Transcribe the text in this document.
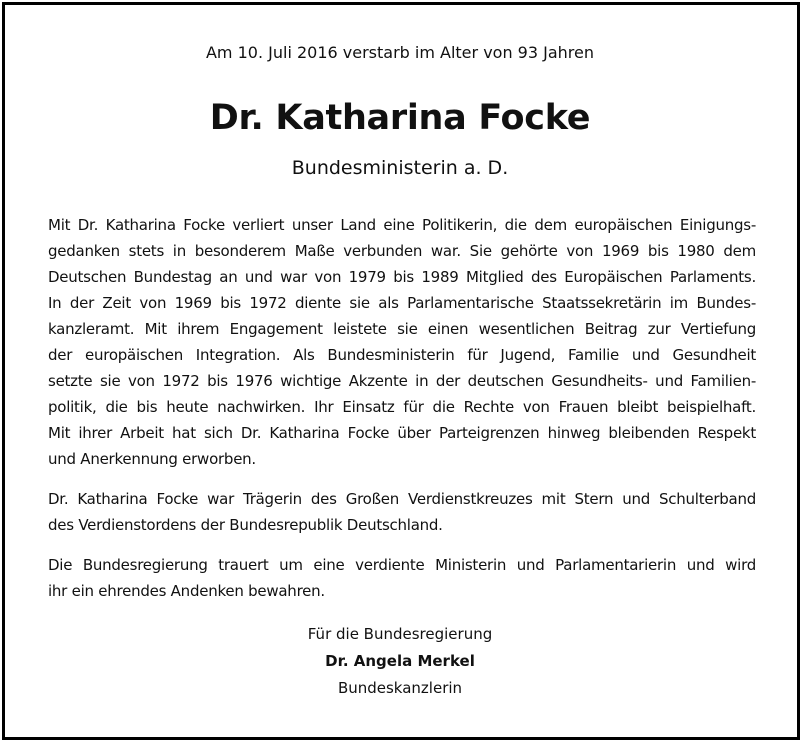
Am 10. Juli 2016 verstarb im Alter von 93 Jahren
Dr. Katharina Focke
Bundesministerin a. D.

Mit Dr. Katharina Focke verliert unser Land eine Politikerin, die dem europäischen Einigungs-
gedanken stets in besonderem Maße verbunden war. Sie gehörte von 1969 bis 1980 dem
Deutschen Bundestag an und war von 1979 bis 1989 Mitglied des Europäischen Parlaments.
In der Zeit von 1969 bis 1972 diente sie als Parlamentarische Staatssekretärin im Bundes-
kanzleramt. Mit ihrem Engagement leistete sie einen wesentlichen Beitrag zur Vertiefung
der europäischen Integration. Als Bundesministerin für Jugend, Familie und Gesundheit
setzte sie von 1972 bis 1976 wichtige Akzente in der deutschen Gesundheits- und Familien-
politik, die bis heute nachwirken. Ihr Einsatz für die Rechte von Frauen bleibt beispielhaft.
Mit ihrer Arbeit hat sich Dr. Katharina Focke über Parteigrenzen hinweg bleibenden Respekt
und Anerkennung erworben.

Dr. Katharina Focke war Trägerin des Großen Verdienstkreuzes mit Stern und Schulterband
des Verdienstordens der Bundesrepublik Deutschland.

Die Bundesregierung trauert um eine verdiente Ministerin und Parlamentarierin und wird
ihr ein ehrendes Andenken bewahren.

Für die Bundesregierung
Dr. Angela Merkel
Bundeskanzlerin
